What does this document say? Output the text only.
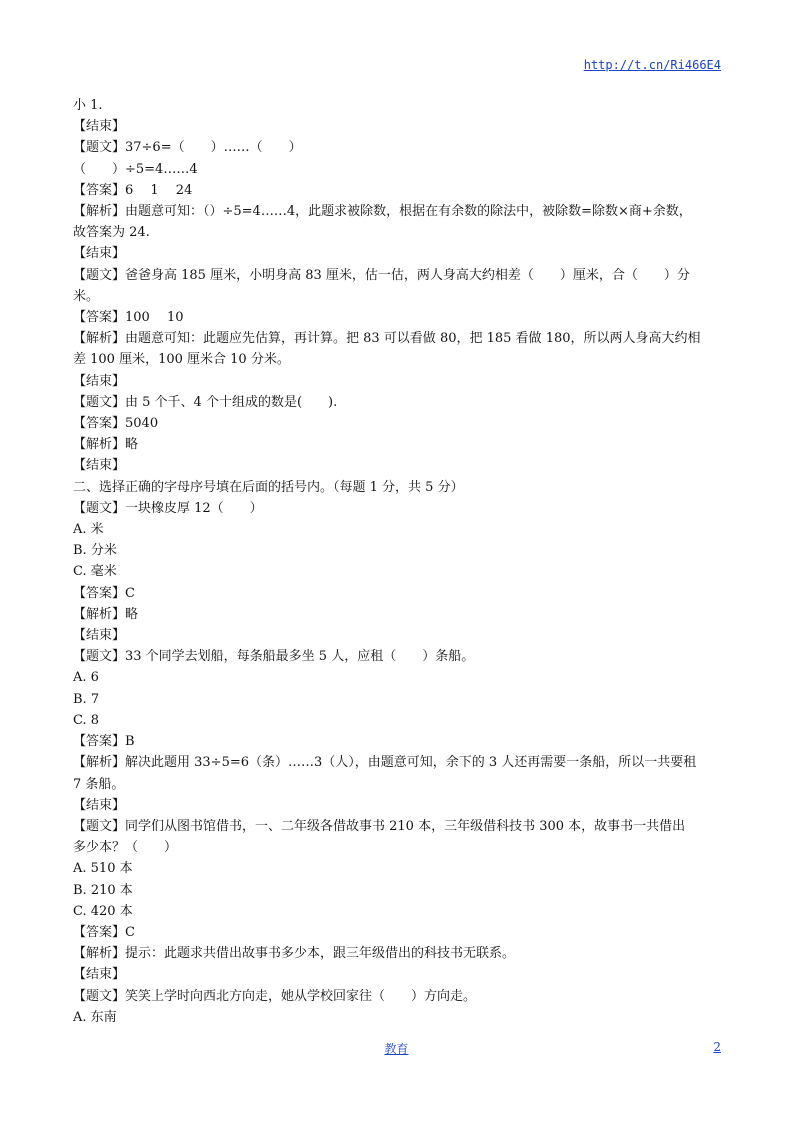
http://t.cn/Ri466E4
小 1.
【结束】
【题文】37÷6=（　　）……（　　）
（　　）÷5=4……4
【答案】6　 1　 24
【解析】由题意可知：（）÷5=4……4，此题求被除数，根据在有余数的除法中，被除数=除数×商+余数，
故答案为 24.
【结束】
【题文】爸爸身高 185 厘米，小明身高 83 厘米，估一估，两人身高大约相差（　　）厘米，合（　　）分
米。
【答案】100　 10
【解析】由题意可知：此题应先估算，再计算。把 83 可以看做 80，把 185 看做 180，所以两人身高大约相
差 100 厘米，100 厘米合 10 分米。
【结束】
【题文】由 5 个千、4 个十组成的数是(　　).
【答案】5040
【解析】略
【结束】
二、选择正确的字母序号填在后面的括号内。（每题 1 分，共 5 分）
【题文】一块橡皮厚 12（　　）
A. 米
B. 分米
C. 毫米
【答案】C
【解析】略
【结束】
【题文】33 个同学去划船，每条船最多坐 5 人，应租（　　）条船。
A. 6
B. 7
C. 8
【答案】B
【解析】解决此题用 33÷5=6（条）……3（人），由题意可知，余下的 3 人还再需要一条船，所以一共要租
7 条船。
【结束】
【题文】同学们从图书馆借书，一、二年级各借故事书 210 本，三年级借科技书 300 本，故事书一共借出
多少本？（　　）
A. 510 本
B. 210 本
C. 420 本
【答案】C
【解析】提示：此题求共借出故事书多少本，跟三年级借出的科技书无联系。
【结束】
【题文】笑笑上学时向西北方向走，她从学校回家往（　　）方向走。
A. 东南
教育	2
